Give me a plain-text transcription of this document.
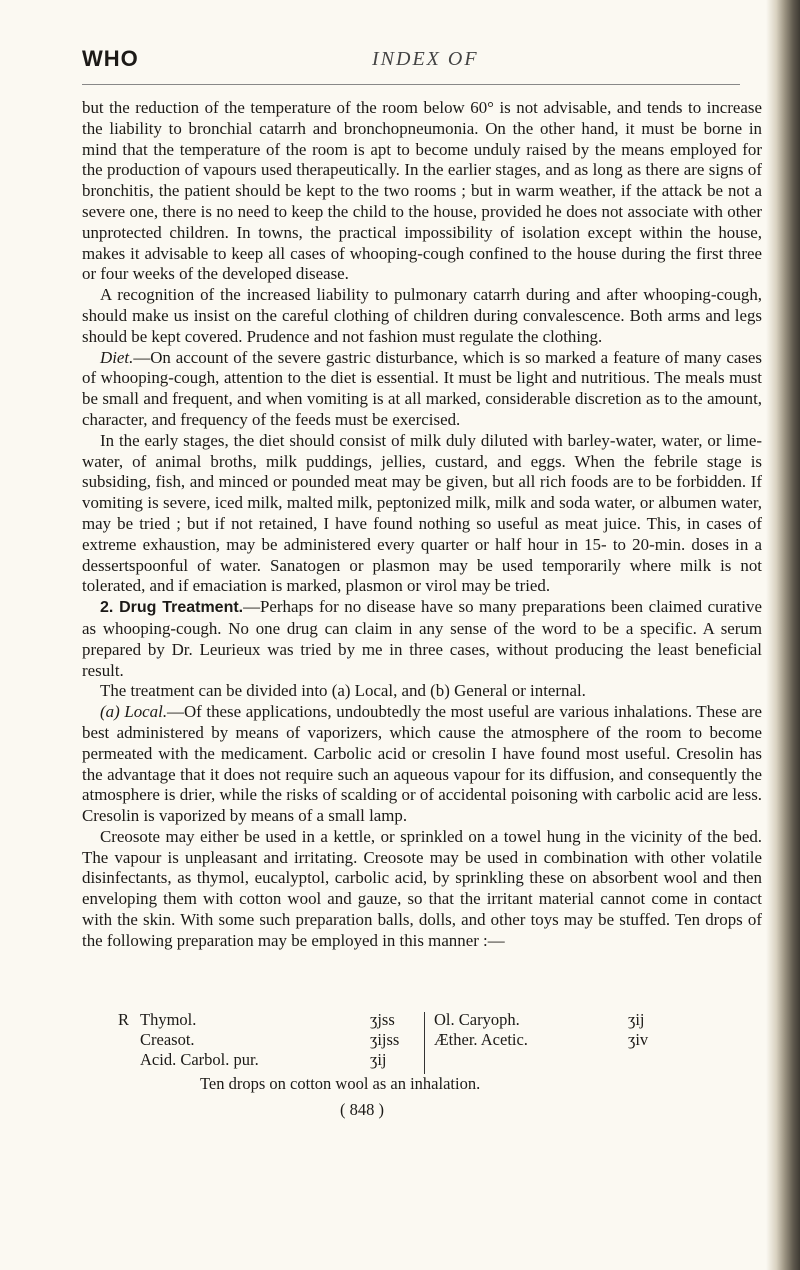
WHO	INDEX OF

but the reduction of the temperature of the room below 60° is not advisable, and tends to increase the liability to bronchial catarrh and bronchopneumonia. On the other hand, it must be borne in mind that the temperature of the room is apt to become unduly raised by the means employed for the production of vapours used therapeutically. In the earlier stages, and as long as there are signs of bronchitis, the patient should be kept to the two rooms ; but in warm weather, if the attack be not a severe one, there is no need to keep the child to the house, provided he does not associate with other unprotected children. In towns, the practical impossibility of isolation except within the house, makes it advisable to keep all cases of whooping-cough confined to the house during the first three or four weeks of the developed disease.

A recognition of the increased liability to pulmonary catarrh during and after whooping-cough, should make us insist on the careful clothing of children during convalescence. Both arms and legs should be kept covered. Prudence and not fashion must regulate the clothing.

Diet.—On account of the severe gastric disturbance, which is so marked a feature of many cases of whooping-cough, attention to the diet is essential. It must be light and nutritious. The meals must be small and frequent, and when vomiting is at all marked, considerable discretion as to the amount, character, and frequency of the feeds must be exercised.

In the early stages, the diet should consist of milk duly diluted with barley-water, water, or lime-water, of animal broths, milk puddings, jellies, custard, and eggs. When the febrile stage is subsiding, fish, and minced or pounded meat may be given, but all rich foods are to be forbidden. If vomiting is severe, iced milk, malted milk, peptonized milk, milk and soda water, or albumen water, may be tried ; but if not retained, I have found nothing so useful as meat juice. This, in cases of extreme exhaustion, may be administered every quarter or half hour in 15- to 20-min. doses in a dessertspoonful of water. Sanatogen or plasmon may be used temporarily where milk is not tolerated, and if emaciation is marked, plasmon or virol may be tried.

2. Drug Treatment.—Perhaps for no disease have so many preparations been claimed curative as whooping-cough. No one drug can claim in any sense of the word to be a specific. A serum prepared by Dr. Leurieux was tried by me in three cases, without producing the least beneficial result.

The treatment can be divided into (a) Local, and (b) General or internal.

(a) Local.—Of these applications, undoubtedly the most useful are various inhalations. These are best administered by means of vaporizers, which cause the atmosphere of the room to become permeated with the medicament. Carbolic acid or cresolin I have found most useful. Cresolin has the advantage that it does not require such an aqueous vapour for its diffusion, and consequently the atmosphere is drier, while the risks of scalding or of accidental poisoning with carbolic acid are less. Cresolin is vaporized by means of a small lamp.

Creosote may either be used in a kettle, or sprinkled on a towel hung in the vicinity of the bed. The vapour is unpleasant and irritating. Creosote may be used in combination with other volatile disinfectants, as thymol, eucalyptol, carbolic acid, by sprinkling these on absorbent wool and then enveloping them with cotton wool and gauze, so that the irritant material cannot come in contact with the skin. With some such preparation balls, dolls, and other toys may be stuffed. Ten drops of the following preparation may be employed in this manner :—

R Thymol.
Creasot.
Acid. Carbol. pur.
ʒjss
ʒijss
ʒij
Ol. Caryoph.
Æther. Acetic.
ʒij
ʒiv
Ten drops on cotton wool as an inhalation.
( 848 )
